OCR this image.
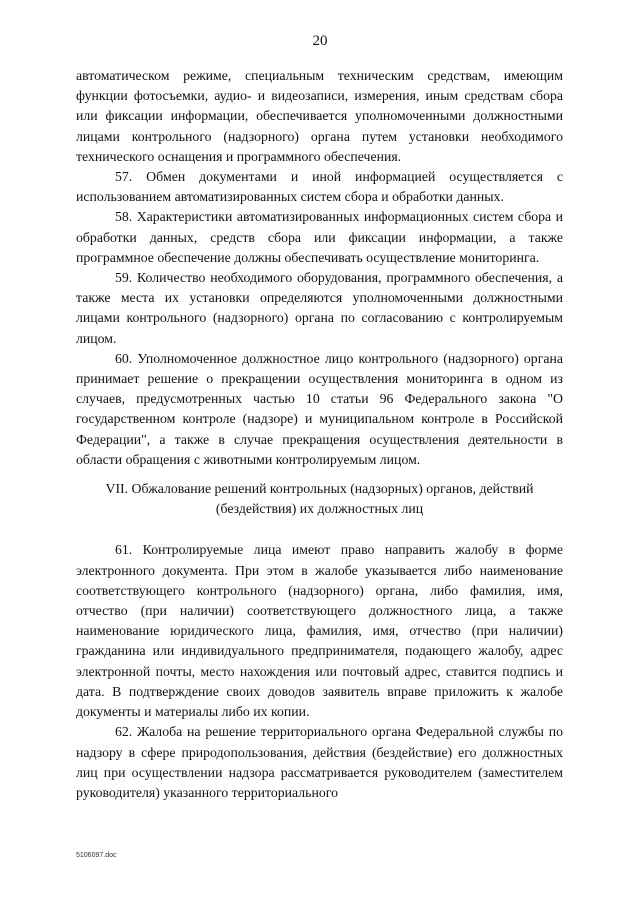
20

автоматическом режиме, специальным техническим средствам, имеющим функции фотосъемки, аудио- и видеозаписи, измерения, иным средствам сбора или фиксации информации, обеспечивается уполномоченными должностными лицами контрольного (надзорного) органа путем установки необходимого технического оснащения и программного обеспечения.

57. Обмен документами и иной информацией осуществляется с использованием автоматизированных систем сбора и обработки данных.

58. Характеристики автоматизированных информационных систем сбора и обработки данных, средств сбора или фиксации информации, а также программное обеспечение должны обеспечивать осуществление мониторинга.

59. Количество необходимого оборудования, программного обеспечения, а также места их установки определяются уполномоченными должностными лицами контрольного (надзорного) органа по согласованию с контролируемым лицом.

60. Уполномоченное должностное лицо контрольного (надзорного) органа принимает решение о прекращении осуществления мониторинга в одном из случаев, предусмотренных частью 10 статьи 96 Федерального закона "О государственном контроле (надзоре) и муниципальном контроле в Российской Федерации", а также в случае прекращения осуществления деятельности в области обращения с животными контролируемым лицом.

VII. Обжалование решений контрольных (надзорных) органов, действий (бездействия) их должностных лиц

61. Контролируемые лица имеют право направить жалобу в форме электронного документа. При этом в жалобе указывается либо наименование соответствующего контрольного (надзорного) органа, либо фамилия, имя, отчество (при наличии) соответствующего должностного лица, а также наименование юридического лица, фамилия, имя, отчество (при наличии) гражданина или индивидуального предпринимателя, подающего жалобу, адрес электронной почты, место нахождения или почтовый адрес, ставится подпись и дата. В подтверждение своих доводов заявитель вправе приложить к жалобе документы и материалы либо их копии.

62. Жалоба на решение территориального органа Федеральной службы по надзору в сфере природопользования, действия (бездействие) его должностных лиц при осуществлении надзора рассматривается руководителем (заместителем руководителя) указанного территориального

5106097.doc
